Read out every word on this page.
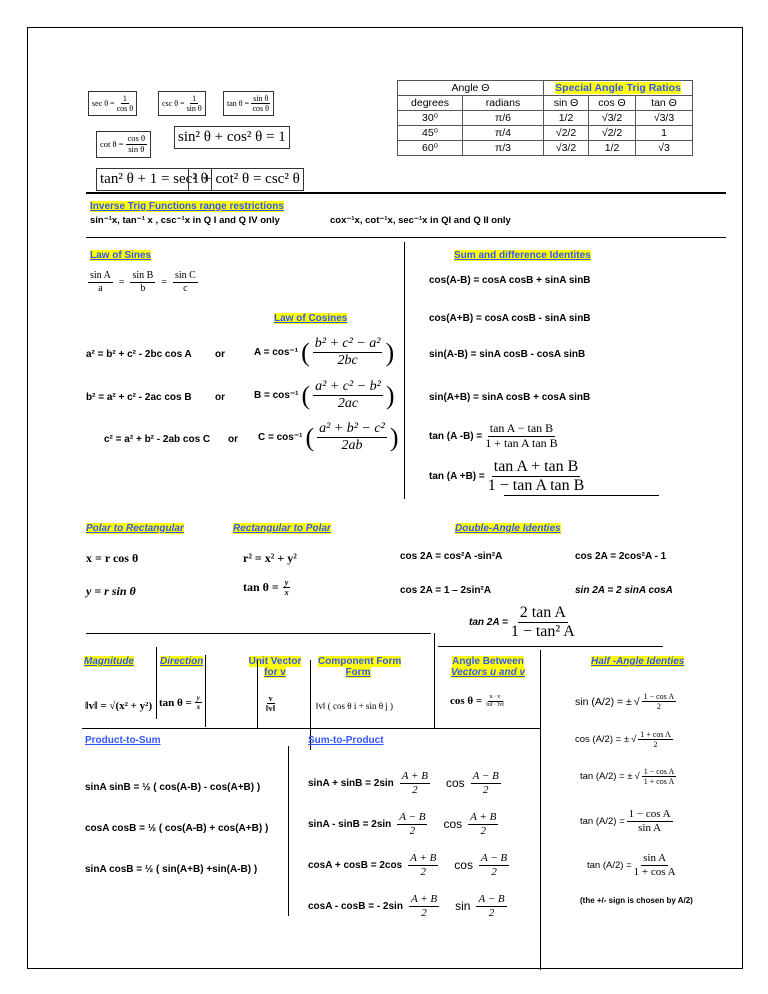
$\sec \theta = \frac{1}{\text{cos θ}}$	$\csc \theta = \frac{1}{\text{sin θ}}$	$\tan \theta = \frac{\text{sin θ}}{\text{cos θ}}$
$\cot \theta = \frac{\text{cos θ}}{\text{sin θ}} \sin^2$ θ + cos² θ = 1
tan² θ + 1 = sec² θ
1 + cot² θ = csc² θ
Angle Θ		Special Angle Trig Ratios		
degrees	radians	sin Θ	cos Θ	tan Θ
30⁰	π/6	1/2	√3/2	√3/3
45⁰	π/4	√2/2	√2/2	1
60⁰	π/3	√3/2	1/2	√3
Inverse Trig Functions range restrictions
sin⁻¹x, tan⁻¹ x , csc⁻¹x in Q I and Q IV only	cox⁻¹x, cot⁻¹x, sec⁻¹x in QI and Q II only
Law of Sines
$\frac{\text{sin A}}{a} = \frac{\text{sin B}}{b} = \frac{\text{sin C}}{c}$
Law of Cosines
a² = b² + c² - 2bc cos A or	A = cos⁻¹ ( $\frac{\text{b² + c² − a²}}{2bc}$ )
b² = a² + c² - 2ac cos B or	B = cos⁻¹ ( $\frac{\text{a² + c² − b²}}{2ac}$ )
c² = a² + b² - 2ab cos C or C = cos⁻¹ ( $\frac{\text{a² + b² − c²}}{2ab}$ )
Sum and difference Identites
cos(A-B) = cosA cosB + sinA sinB
cos(A+B) = cosA cosB - sinA sinB
sin(A-B) = sinA cosB - cosA sinB
sin(A+B) = sinA cosB + cosA sinB
tan (A $-B) = \frac{\text{tan A − tan B}}{\text{1 + tan A tan B}}$
$\tan (A +B) = \frac{\text{tan A + tan B}}{\text{1 − tan A tan B}}$
Polar to Rectangular	Rectangular to Polar
x = r cos θ
y = r sin θ
r² = x² + y²
$\tan \theta = \frac{y}{x}$
Double-Angle Identies
cos 2A = cos²A -sin²A	cos 2A = 2cos²A - 1
cos 2A = 1 – 2sin²A	sin 2A = 2 sinA cosA
$\tan 2A = \frac{\text{2 tan A}}{\text{1 − tan² A}}$
Magnitude	Direction	Unit Vector
for v
Component Form
Form
Angle Between
Vectors u and v
Half -Angle Identies
‖v‖ = √(x² + y²) $\tan \theta = \frac{y}{x}$	$\frac{v}{‖v‖}$	‖v‖ ( cos θ i + sin θ j )	$\cos \theta = \frac{u \cdot v}{‖u‖ \cdot ‖v‖}$	sin (A/2) = ± √ $\frac{\text{1 − cos A}}{2}$
cos (A/2) = ± √ $\frac{\text{1 + cos A}}{2}$
tan (A/2) = ± √ $\frac{\text{1 − cos A}}{\text{1 + cos A}}$
$\tan (A/2) = \frac{\text{1 − cos A}}{\text{sin A}}$
$\tan (A/2) = \frac{\text{sin A}}{\text{1 + cos A}}$
(the +/- sign is chosen by A/2)
Product-to-Sum
sinA sinB = ½ ( cos(A-B) - cos(A+B) )
cosA cosB = ½ ( cos(A-B) + cos(A+B) )
sinA cosB = ½ ( sin(A+B) +sin(A-B) )
Sum-to-Product
$\sin A + \sin B = 2\sin \frac{A + B}{2}$ $\cos \frac{A - B}{2}$
$\sin A - \sin B = 2\sin \frac{A - B}{2}$ $\cos \frac{A + B}{2}$
$\cos A + \cos B = 2\cos \frac{A + B}{2}$ $\cos \frac{A - B}{2}$
cosA - cosB = - $2\sin \frac{A + B}{2}$ $\sin \frac{A - B}{2}$
